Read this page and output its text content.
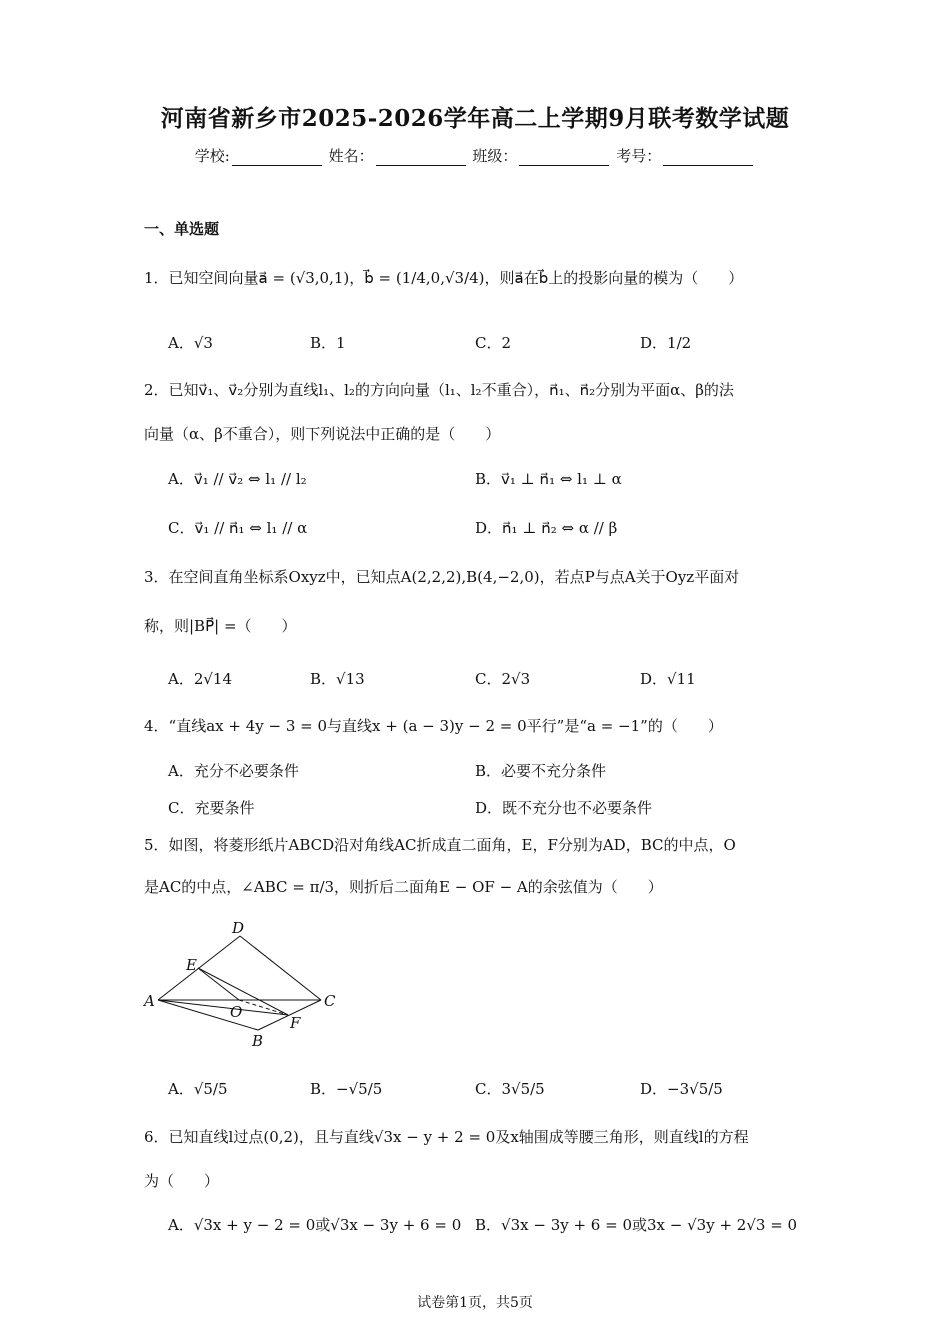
河南省新乡市2025-2026学年高二上学期9月联考数学试题
学校:	姓名：	班级：	考号：
一、单选题
1．已知空间向量a⃗ = (√3,0,1)，b⃗ = (1/4,0,√3/4)，则a⃗在b⃗上的投影向量的模为（　　）
A．√3	B．1	C．2	D．1/2
2．已知v⃗₁、v⃗₂分别为直线l₁、l₂的方向向量（l₁、l₂不重合），n⃗₁、n⃗₂分别为平面α、β的法
向量（α、β不重合），则下列说法中正确的是（　　）
A．v⃗₁ // v⃗₂ ⇔ l₁ // l₂	B．v⃗₁ ⊥ n⃗₁ ⇔ l₁ ⊥ α
C．v⃗₁ // n⃗₁ ⇔ l₁ // α	D．n⃗₁ ⊥ n⃗₂ ⇔ α // β
3．在空间直角坐标系Oxyz中，已知点A(2,2,2),B(4,−2,0)，若点P与点A关于Oyz平面对
称，则|BP⃗| =（　　）
A．2√14	B．√13	C．2√3	D．√11
4．“直线ax + 4y − 3 = 0与直线x + (a − 3)y − 2 = 0平行”是“a = −1”的（　　）
A．充分不必要条件	B．必要不充分条件
C．充要条件	D．既不充分也不必要条件
5．如图，将菱形纸片ABCD沿对角线AC折成直二面角，E，F分别为AD，BC的中点，O
是AC的中点，∠ABC = π/3，则折后二面角E − OF − A的余弦值为（　　）
D
E
A	C
O
F
B
A．√5/5	B．−√5/5	C．3√5/5	D．−3√5/5
6．已知直线l过点(0,2)，且与直线√3x − y + 2 = 0及x轴围成等腰三角形，则直线l的方程
为（　　）
A．√3x + y − 2 = 0或√3x − 3y + 6 = 0 B．√3x − 3y + 6 = 0或3x − √3y + 2√3 = 0
试卷第1页，共5页
